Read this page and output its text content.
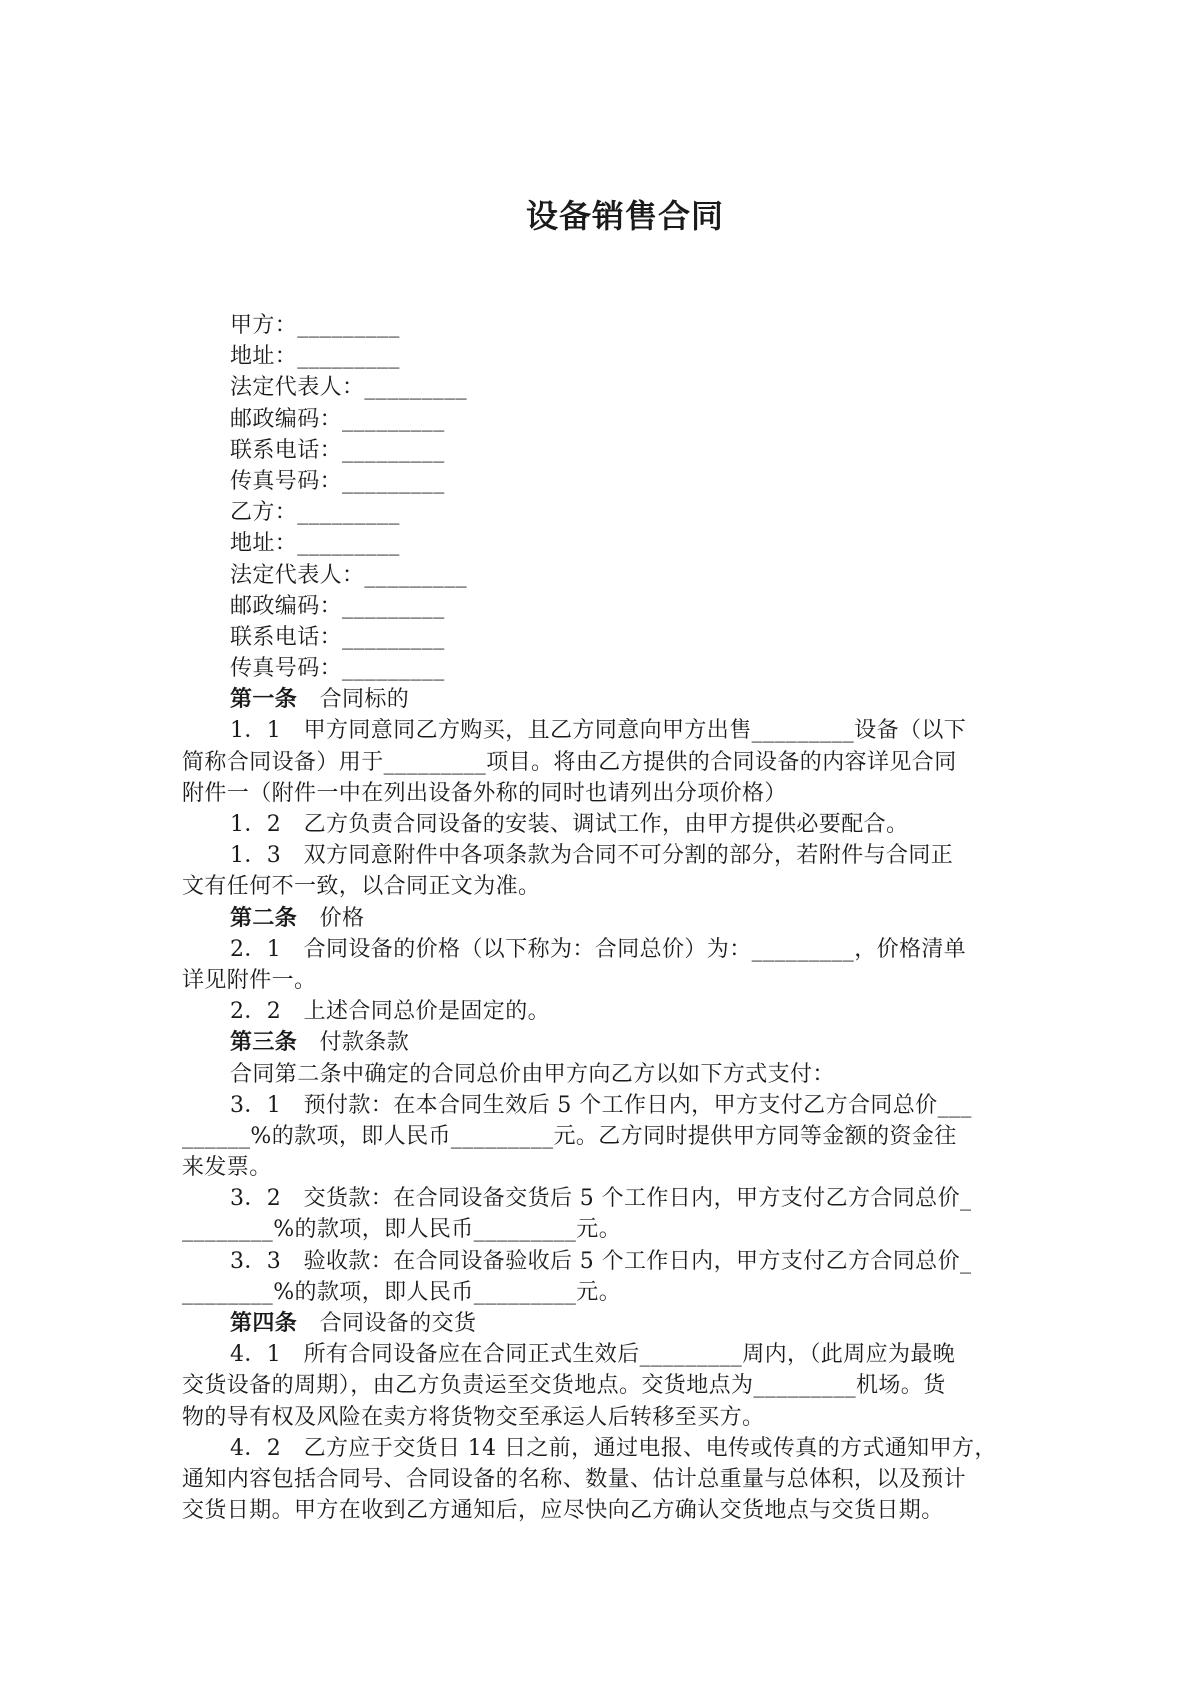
设备销售合同

甲方：_________

地址：_________

法定代表人：_________

邮政编码：_________

联系电话：_________

传真号码：_________

乙方：_________

地址：_________

法定代表人：_________

邮政编码：_________

联系电话：_________

传真号码：_________

第一条　合同标的

1．1　甲方同意同乙方购买，且乙方同意向甲方出售_________设备（以下

简称合同设备）用于_________项目。将由乙方提供的合同设备的内容详见合同

附件一（附件一中在列出设备外称的同时也请列出分项价格）

1．2　乙方负责合同设备的安装、调试工作，由甲方提供必要配合。

1．3　双方同意附件中各项条款为合同不可分割的部分，若附件与合同正

文有任何不一致，以合同正文为准。

第二条　价格

2．1　合同设备的价格（以下称为：合同总价）为：_________，价格清单

详见附件一。

2．2　上述合同总价是固定的。

第三条　付款条款

合同第二条中确定的合同总价由甲方向乙方以如下方式支付：

3．1　预付款：在本合同生效后 5 个工作日内，甲方支付乙方合同总价___

______%的款项，即人民币_________元。乙方同时提供甲方同等金额的资金往

来发票。

3．2　交货款：在合同设备交货后 5 个工作日内，甲方支付乙方合同总价_

________%的款项，即人民币_________元。

3．3　验收款：在合同设备验收后 5 个工作日内，甲方支付乙方合同总价_

________%的款项，即人民币_________元。

第四条　合同设备的交货

4．1　所有合同设备应在合同正式生效后_________周内，（此周应为最晚

交货设备的周期），由乙方负责运至交货地点。交货地点为_________机场。货

物的导有权及风险在卖方将货物交至承运人后转移至买方。

4．2　乙方应于交货日 14 日之前，通过电报、电传或传真的方式通知甲方，

通知内容包括合同号、合同设备的名称、数量、估计总重量与总体积，以及预计

交货日期。甲方在收到乙方通知后，应尽快向乙方确认交货地点与交货日期。
